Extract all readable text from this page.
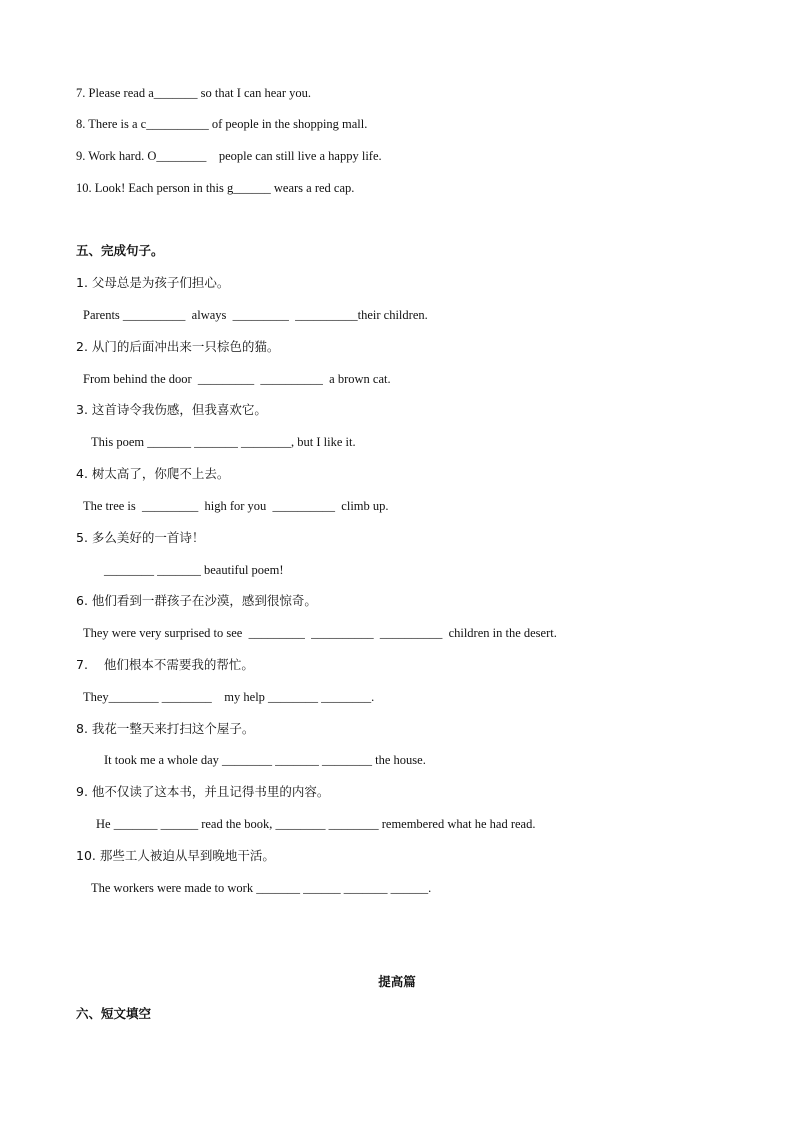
7. Please read a_______ so that I can hear you.
8. There is a c__________ of people in the shopping mall.
9. Work hard. O________    people can still live a happy life.
10. Look! Each person in this g______ wears a red cap.
五、完成句子。
1. 父母总是为孩子们担心。
Parents __________  always  _________  __________their children.
2. 从门的后面冲出来一只棕色的猫。
From behind the door  _________  __________  a brown cat.
3. 这首诗令我伤感，但我喜欢它。
This poem _______ _______ ________, but I like it.
4. 树太高了，你爬不上去。
The tree is  _________  high for you  __________  climb up.
5. 多么美好的一首诗！
________ _______ beautiful poem!
6. 他们看到一群孩子在沙漠，感到很惊奇。
They were very surprised to see  _________  __________  __________  children in the desert.
7.    他们根本不需要我的帮忙。
They________ ________    my help ________ ________.
8. 我花一整天来打扫这个屋子。
It took me a whole day ________ _______ ________ the house.
9. 他不仅读了这本书，并且记得书里的内容。
He _______ ______ read the book, ________ ________ remembered what he had read.
10. 那些工人被迫从早到晚地干活。
The workers were made to work _______ ______ _______ ______.
提高篇
六、短文填空
